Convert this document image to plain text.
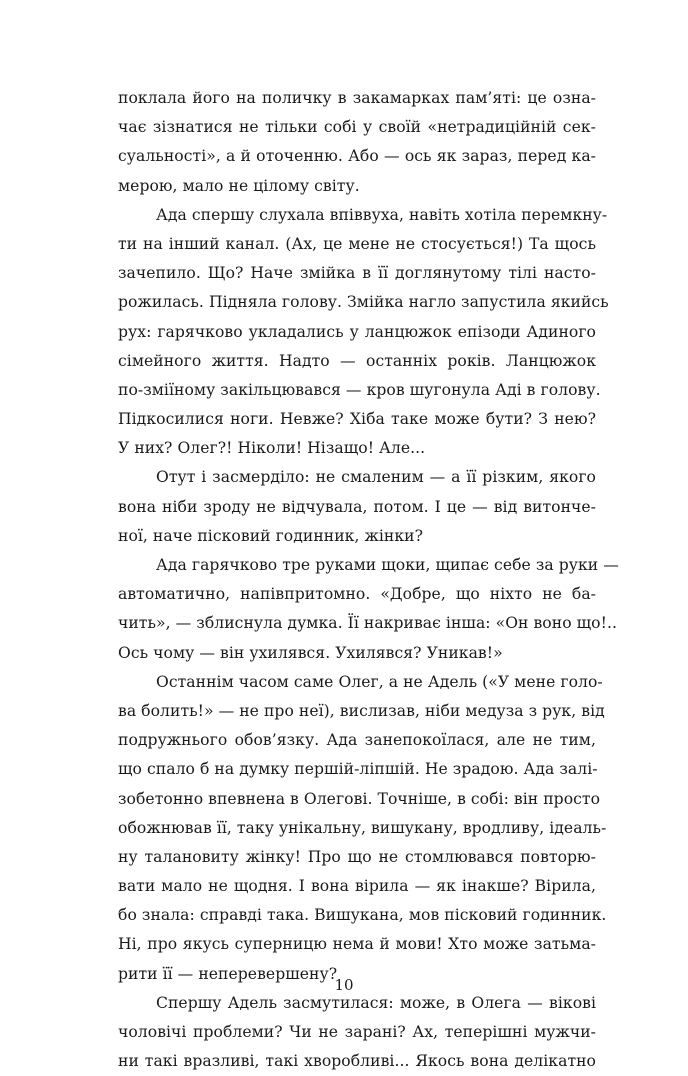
поклала його на поличку в закамарках пам’яті: це озна-
чає зізнатися не тільки собі у своїй «нетрадиційній сек-
суальності», а й оточенню. Або — ось як зараз, перед ка-
мерою, мало не цілому світу.
Ада спершу слухала впіввуха, навіть хотіла перемкну-
ти на інший канал. (Ах, це мене не стосується!) Та щось
зачепило. Що? Наче змійка в її доглянутому тілі насто-
рожилась. Підняла голову. Змійка нагло запустила якийсь
рух: гарячково укладались у ланцюжок епізоди Адиного
сімейного життя. Надто — останніх років. Ланцюжок
по-зміїному закільцювався — кров шугонула Аді в голову.
Підкосилися ноги. Невже? Хіба таке може бути? З нею?
У них? Олег?! Ніколи! Нізащо! Але...
Отут і засмерділо: не смаленим — а її різким, якого
вона ніби зроду не відчувала, потом. І це — від витонче-
ної, наче пісковий годинник, жінки?
Ада гарячково тре руками щоки, щипає себе за руки —
автоматично, напівпритомно. «Добре, що ніхто не ба-
чить», — зблиснула думка. Її накриває інша: «Он воно що!..
Ось чому — він ухилявся. Ухилявся? Уникав!»
Останнім часом саме Олег, а не Адель («У мене голо-
ва болить!» — не про неї), вислизав, ніби медуза з рук, від
подружнього обов’язку. Ада занепокоїлася, але не тим,
що спало б на думку першій-ліпшій. Не зрадою. Ада залі-
зобетонно впевнена в Олегові. Точніше, в собі: він просто
обожнював її, таку унікальну, вишукану, вродливу, ідеаль-
ну талановиту жінку! Про що не стомлювався повторю-
вати мало не щодня. І вона вірила — як інакше? Вірила,
бо знала: справді така. Вишукана, мов пісковий годинник.
Ні, про якусь суперницю нема й мови! Хто може затьма-
рити її — неперевершену?
Спершу Адель засмутилася: може, в Олега — вікові
чоловічі проблеми? Чи не зарані? Ах, теперішні мужчи-
ни такі вразливі, такі хворобливі... Якось вона делікатно
10
